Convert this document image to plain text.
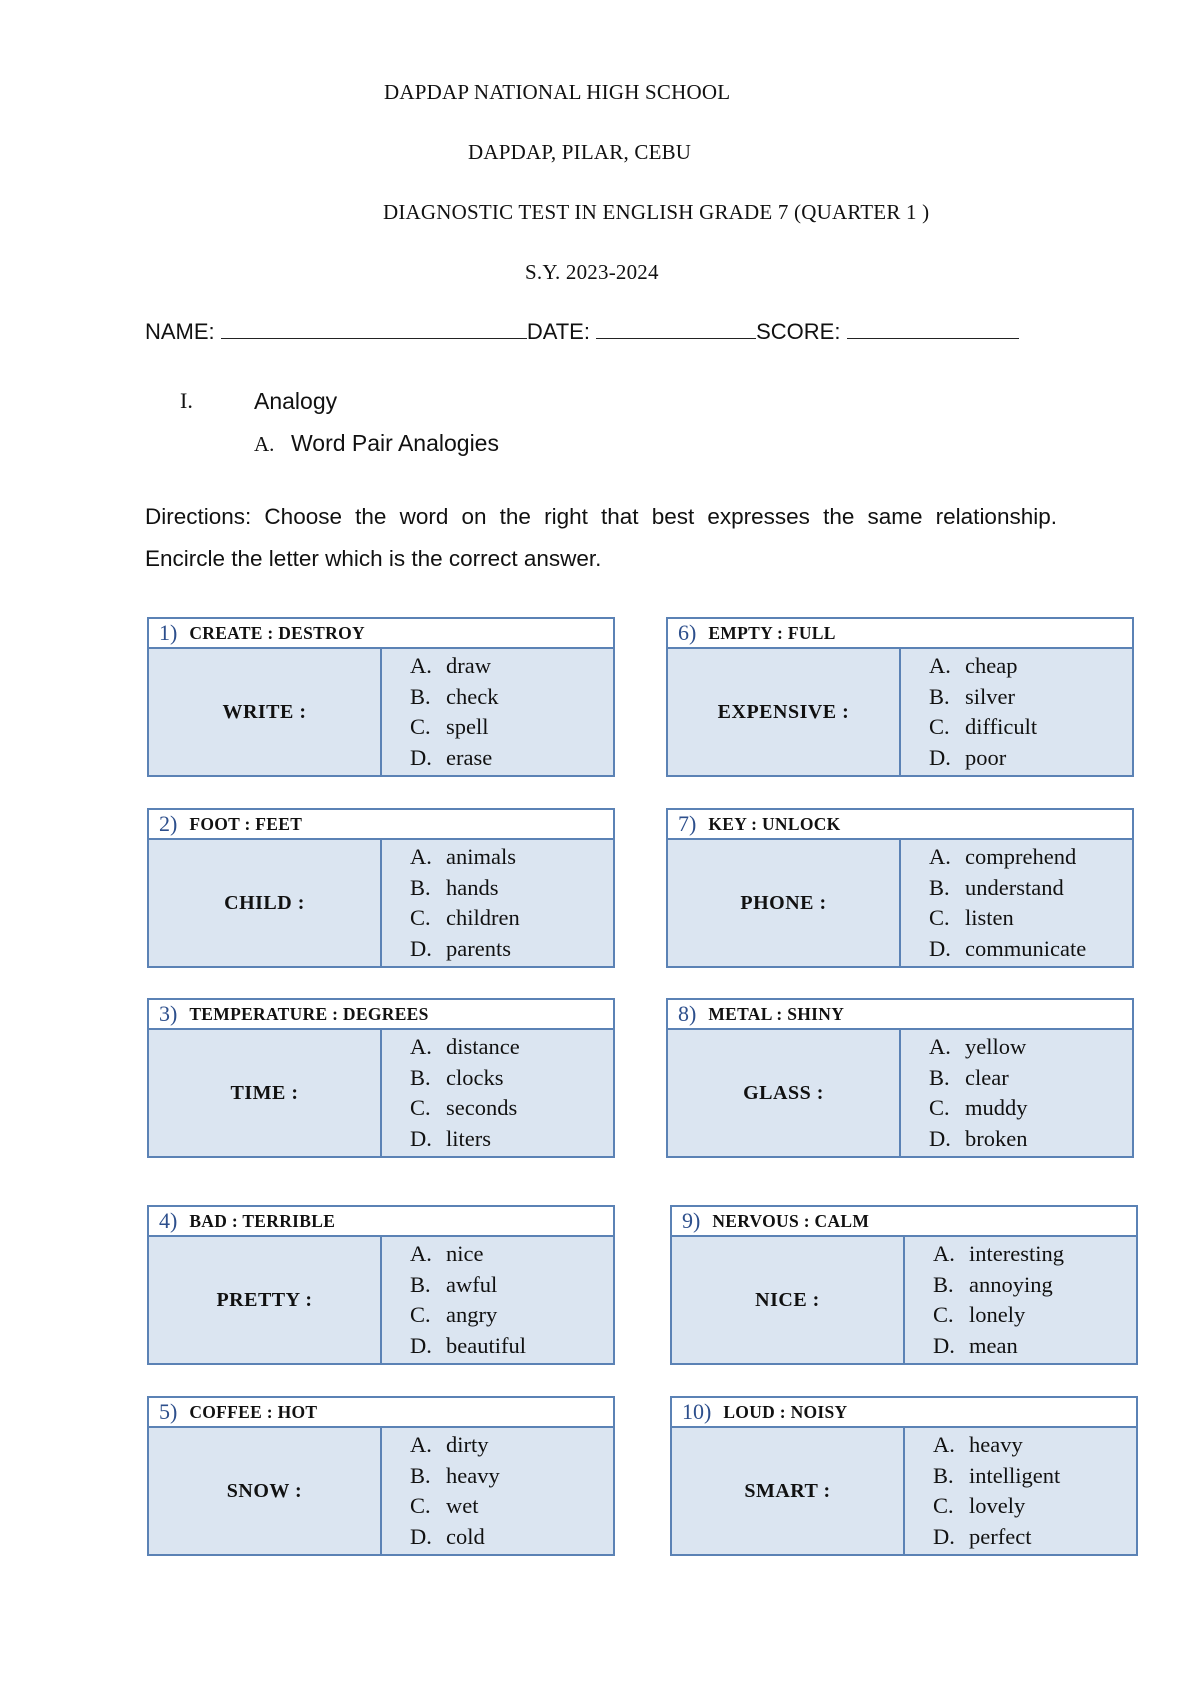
DAPDAP NATIONAL HIGH SCHOOL
DAPDAP, PILAR, CEBU
DIAGNOSTIC TEST IN ENGLISH GRADE 7 (QUARTER 1 )
S.Y. 2023-2024
NAME:	DATE:	SCORE:
I.	Analogy
A. Word Pair Analogies
Directions: Choose the word on the right that best expresses the same relationship. Encircle the letter which is the correct answer.
1) CREATE : DESTROY
WRITE :
A. draw
B. check
C. spell
D. erase
2) FOOT : FEET
CHILD :
A. animals
B. hands
C. children
D. parents
3) TEMPERATURE : DEGREES
TIME :
A. distance
B. clocks
C. seconds
D. liters
4) BAD : TERRIBLE
PRETTY :
A. nice
B. awful
C. angry
D. beautiful
5) COFFEE : HOT
SNOW :
A. dirty
B. heavy
C. wet
D. cold
6) EMPTY : FULL
EXPENSIVE :
A. cheap
B. silver
C. difficult
D. poor
7) KEY : UNLOCK
PHONE :
A. comprehend
B. understand
C. listen
D. communicate
8) METAL : SHINY
GLASS :
A. yellow
B. clear
C. muddy
D. broken
9) NERVOUS : CALM
NICE :
A. interesting
B. annoying
C. lonely
D. mean
10) LOUD : NOISY
SMART :
A. heavy
B. intelligent
C. lovely
D. perfect
